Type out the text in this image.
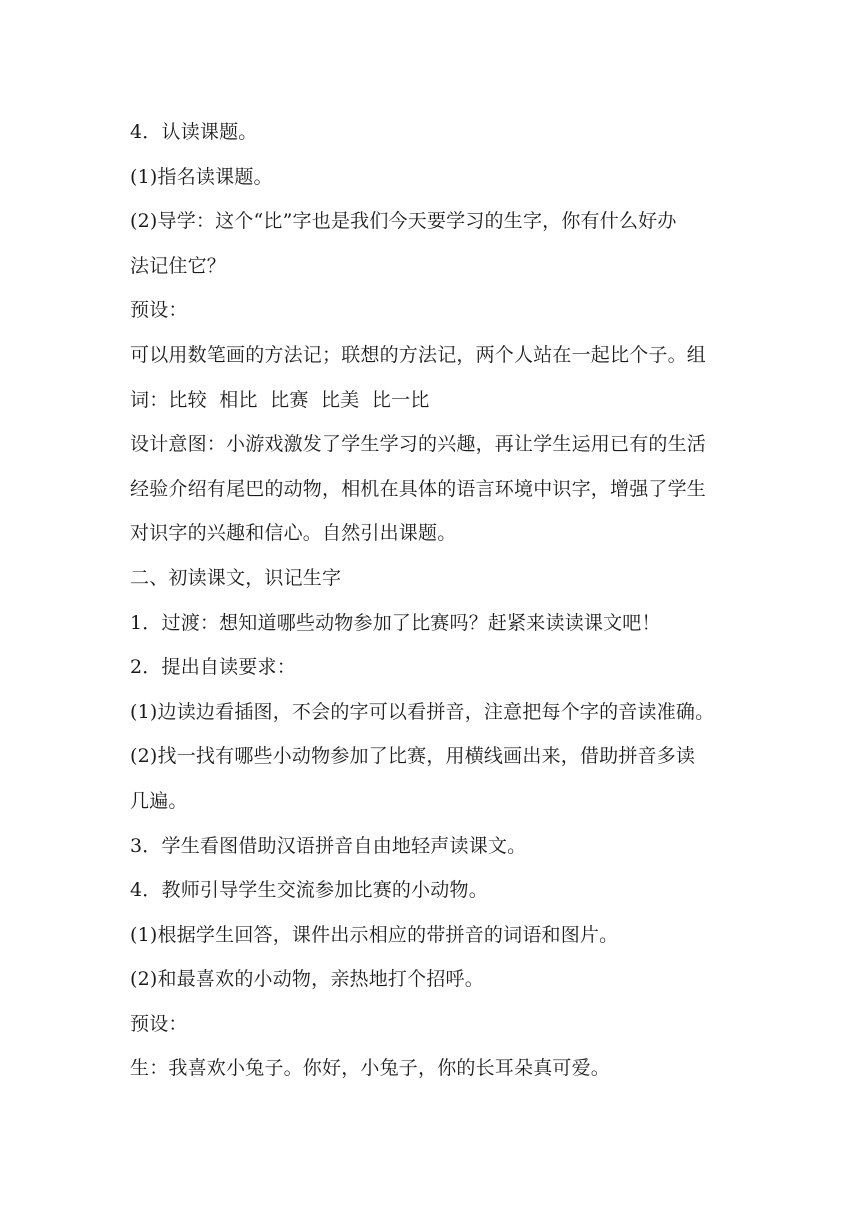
4．认读课题。
(1)指名读课题。
(2)导学：这个“比”字也是我们今天要学习的生字，你有什么好办
法记住它？
预设：
可以用数笔画的方法记；联想的方法记，两个人站在一起比个子。组
词：比较  相比  比赛  比美  比一比
设计意图：小游戏激发了学生学习的兴趣，再让学生运用已有的生活
经验介绍有尾巴的动物，相机在具体的语言环境中识字，增强了学生
对识字的兴趣和信心。自然引出课题。
二、初读课文，识记生字
1．过渡：想知道哪些动物参加了比赛吗？赶紧来读读课文吧！
2．提出自读要求：
(1)边读边看插图，不会的字可以看拼音，注意把每个字的音读准确。
(2)找一找有哪些小动物参加了比赛，用横线画出来，借助拼音多读
几遍。
3．学生看图借助汉语拼音自由地轻声读课文。
4．教师引导学生交流参加比赛的小动物。
(1)根据学生回答，课件出示相应的带拼音的词语和图片。
(2)和最喜欢的小动物，亲热地打个招呼。
预设：
生：我喜欢小兔子。你好，小兔子，你的长耳朵真可爱。
